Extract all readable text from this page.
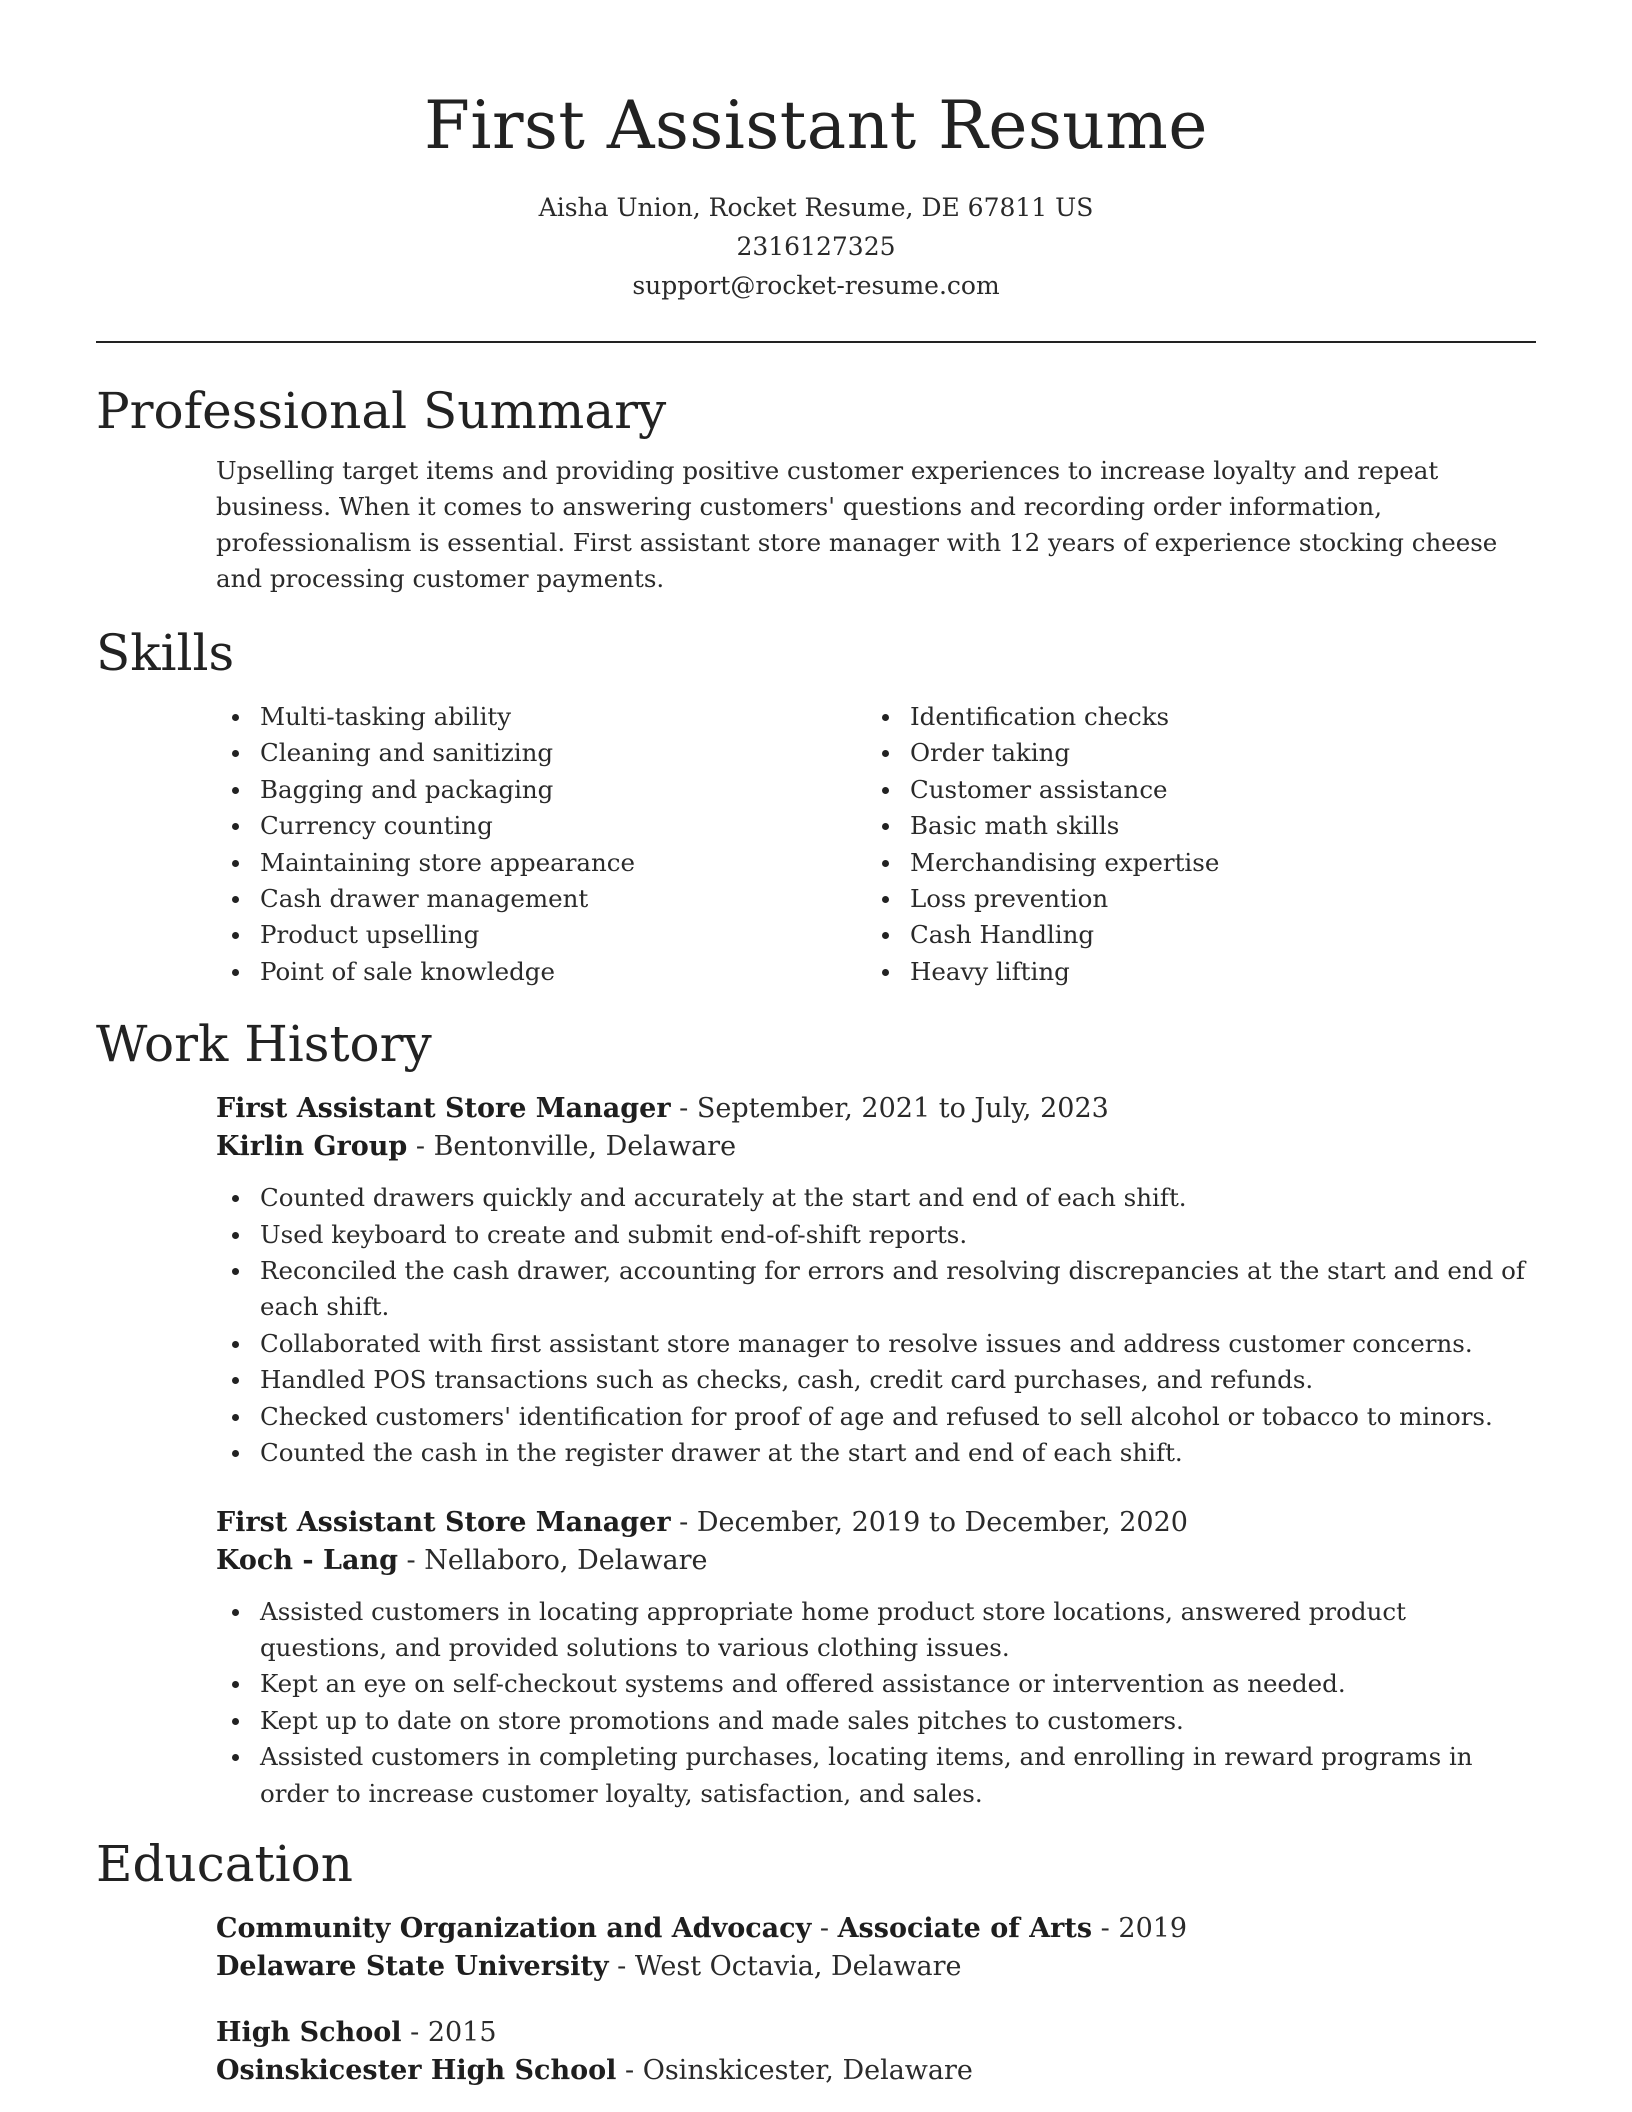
First Assistant Resume
Aisha Union, Rocket Resume, DE 67811 US
2316127325
support@rocket-resume.com
Professional Summary

Upselling target items and providing positive customer experiences to increase loyalty and repeat business. When it comes to answering customers' questions and recording order information, professionalism is essential. First assistant store manager with 12 years of experience stocking cheese and processing customer payments.

Skills
Multi-tasking ability
Cleaning and sanitizing
Bagging and packaging
Currency counting
Maintaining store appearance
Cash drawer management
Product upselling
Point of sale knowledge
Identification checks
Order taking
Customer assistance
Basic math skills
Merchandising expertise
Loss prevention
Cash Handling
Heavy lifting
Work History
First Assistant Store Manager - September, 2021 to July, 2023
Kirlin Group - Bentonville, Delaware
Counted drawers quickly and accurately at the start and end of each shift.
Used keyboard to create and submit end-of-shift reports.
Reconciled the cash drawer, accounting for errors and resolving discrepancies at the start and end of each shift.
Collaborated with first assistant store manager to resolve issues and address customer concerns.
Handled POS transactions such as checks, cash, credit card purchases, and refunds.
Checked customers' identification for proof of age and refused to sell alcohol or tobacco to minors.
Counted the cash in the register drawer at the start and end of each shift.
First Assistant Store Manager - December, 2019 to December, 2020
Koch - Lang - Nellaboro, Delaware
Assisted customers in locating appropriate home product store locations, answered product questions, and provided solutions to various clothing issues.
Kept an eye on self-checkout systems and offered assistance or intervention as needed.
Kept up to date on store promotions and made sales pitches to customers.
Assisted customers in completing purchases, locating items, and enrolling in reward programs in order to increase customer loyalty, satisfaction, and sales.
Education
Community Organization and Advocacy - Associate of Arts - 2019
Delaware State University - West Octavia, Delaware
High School - 2015
Osinskicester High School - Osinskicester, Delaware
